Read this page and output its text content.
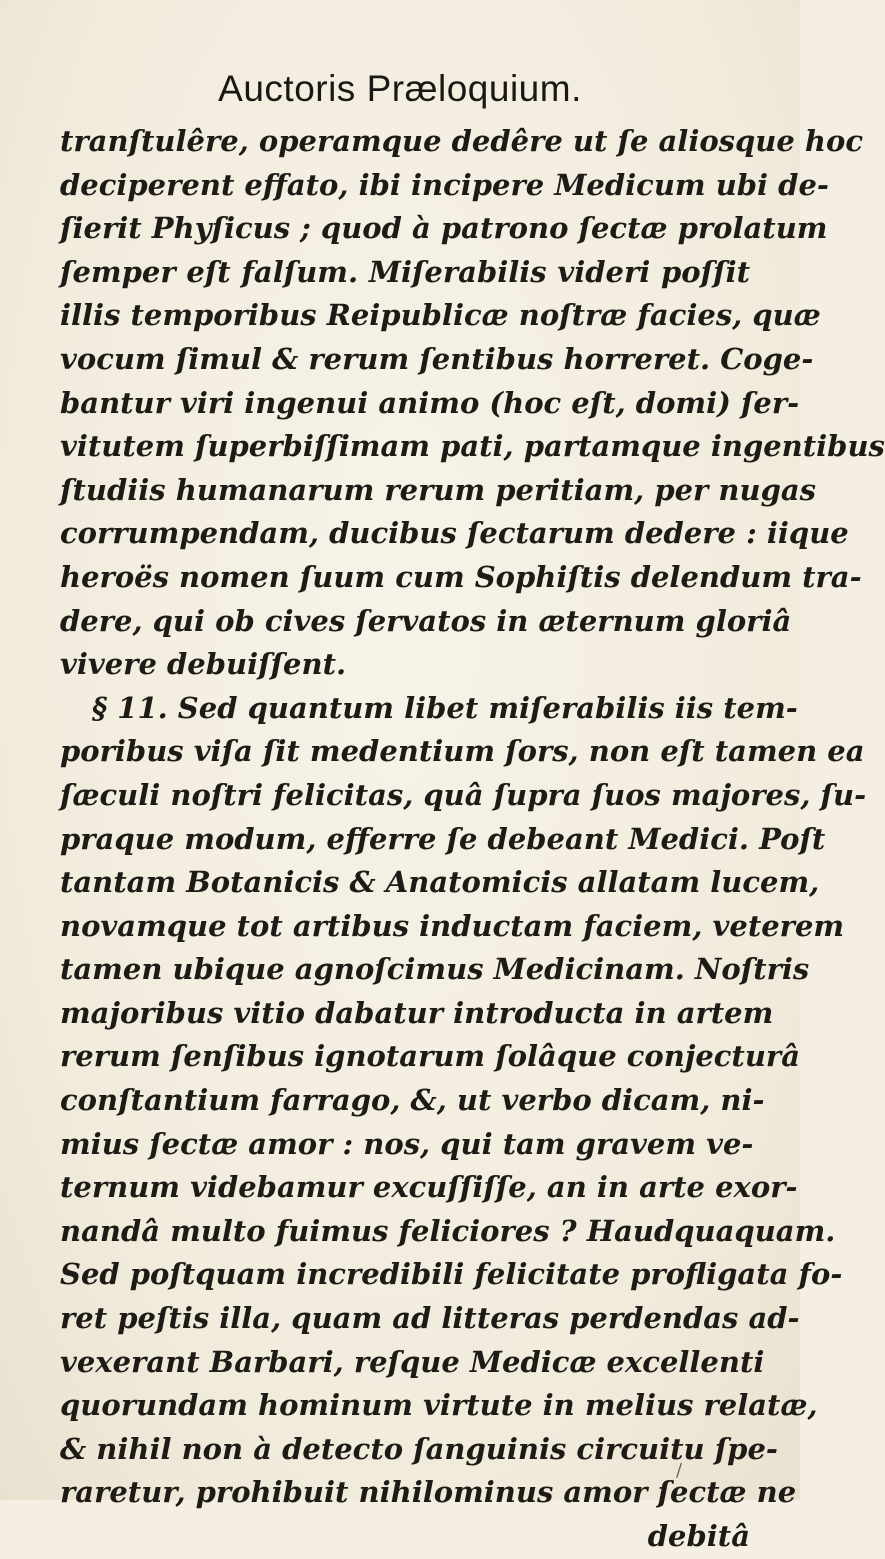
Auctoris Præloquium.
tranſtulêre, operamque dedêre ut ſe aliosque hoc
deciperent effato, ibi incipere Medicum ubi de-
ſierit Phyſicus ; quod à patrono ſectæ prolatum
ſemper eſt falſum. Miſerabilis videri poſſit
illis temporibus Reipublicæ noſtræ facies, quæ
vocum ſimul & rerum ſentibus horreret. Coge-
bantur viri ingenui animo (hoc eſt, domi) ſer-
vitutem ſuperbiſſimam pati, partamque ingentibus
ſtudiis humanarum rerum peritiam, per nugas
corrumpendam, ducibus ſectarum dedere : iique
heroës nomen ſuum cum Sophiſtis delendum tra-
dere, qui ob cives ſervatos in æternum gloriâ
vivere debuiſſent.
§ 11. Sed quantum libet miſerabilis iis tem-
poribus viſa ſit medentium ſors, non eſt tamen ea
ſæculi noſtri felicitas, quâ ſupra ſuos majores, ſu-
praque modum, efferre ſe debeant Medici. Poſt
tantam Botanicis & Anatomicis allatam lucem,
novamque tot artibus inductam faciem, veterem
tamen ubique agnoſcimus Medicinam. Noſtris
majoribus vitio dabatur introducta in artem
rerum ſenſibus ignotarum ſolâque conjecturâ
conſtantium farrago, &, ut verbo dicam, ni-
mius ſectæ amor : nos, qui tam gravem ve-
ternum videbamur excuſſiſſe, an in arte exor-
nandâ multo fuimus feliciores ? Haudquaquam.
Sed poſtquam incredibili felicitate profligata fo-
ret peſtis illa, quam ad litteras perdendas ad-
vexerant Barbari, reſque Medicæ excellenti
quorundam hominum virtute in melius relatæ,
& nihil non à detecto ſanguinis circuitu ſpe-
raretur, prohibuit nihilominus amor ſectæ ne
debitâ
/
